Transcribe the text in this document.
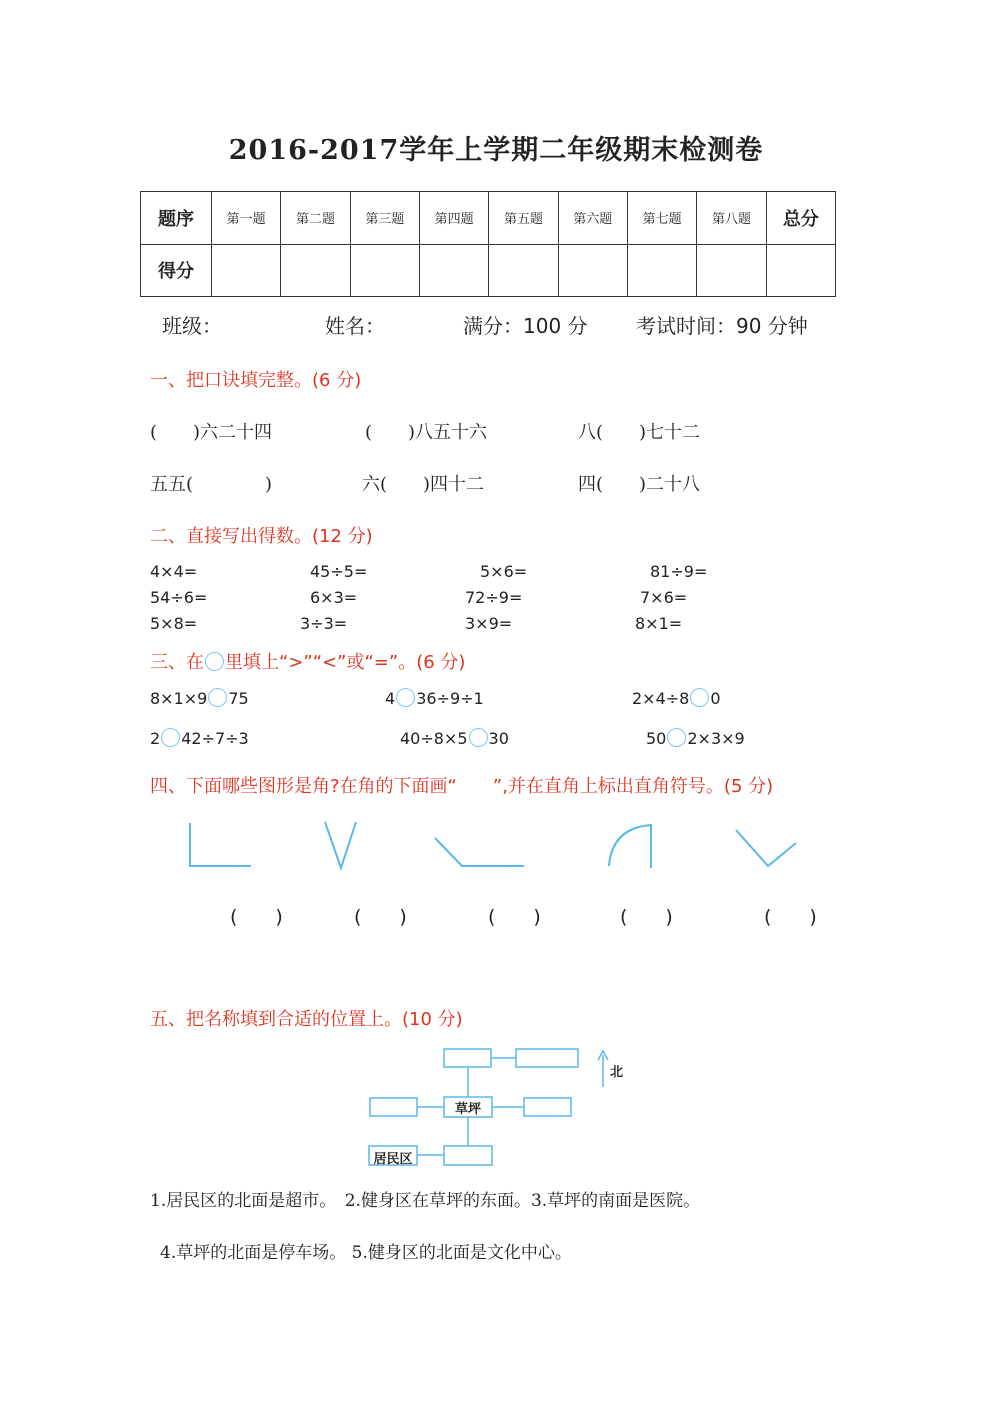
2016-2017学年上学期二年级期末检测卷
题序	第一题	第二题	第三题	第四题	第五题	第六题	第七题	第八题	总分
得分									
班级：	姓名：	满分：100 分 考试时间：90 分钟
一、把口诀填完整。(6 分)
(　　)六二十四	(　　)八五十六	八(　　)七十二
五五(　　　　)	六(　　)四十二	四(　　)二十八
二、直接写出得数。(12 分)
4×4=	45÷5=	5×6=	81÷9=
54÷6=	6×3=	72÷9=	7×6=
5×8=	3÷3=	3×9=	8×1=
三、在 里填上“>”“<”或“=”。(6 分)
8×1×9 75	4 36÷9÷1	2×4÷8 0
2 42÷7÷3	40÷8×5 30	50 2×3×9
四、下面哪些图形是角?在角的下面画“　　”,并在直角上标出直角符号。(5 分)
(　　)	(　　)	(　　)	(　　)	(　　)
五、把名称填到合适的位置上。(10 分)
草坪
居民区
北
1.居民区的北面是超市。　2.健身区在草坪的东面。3.草坪的南面是医院。
4.草坪的北面是停车场。 5.健身区的北面是文化中心。
